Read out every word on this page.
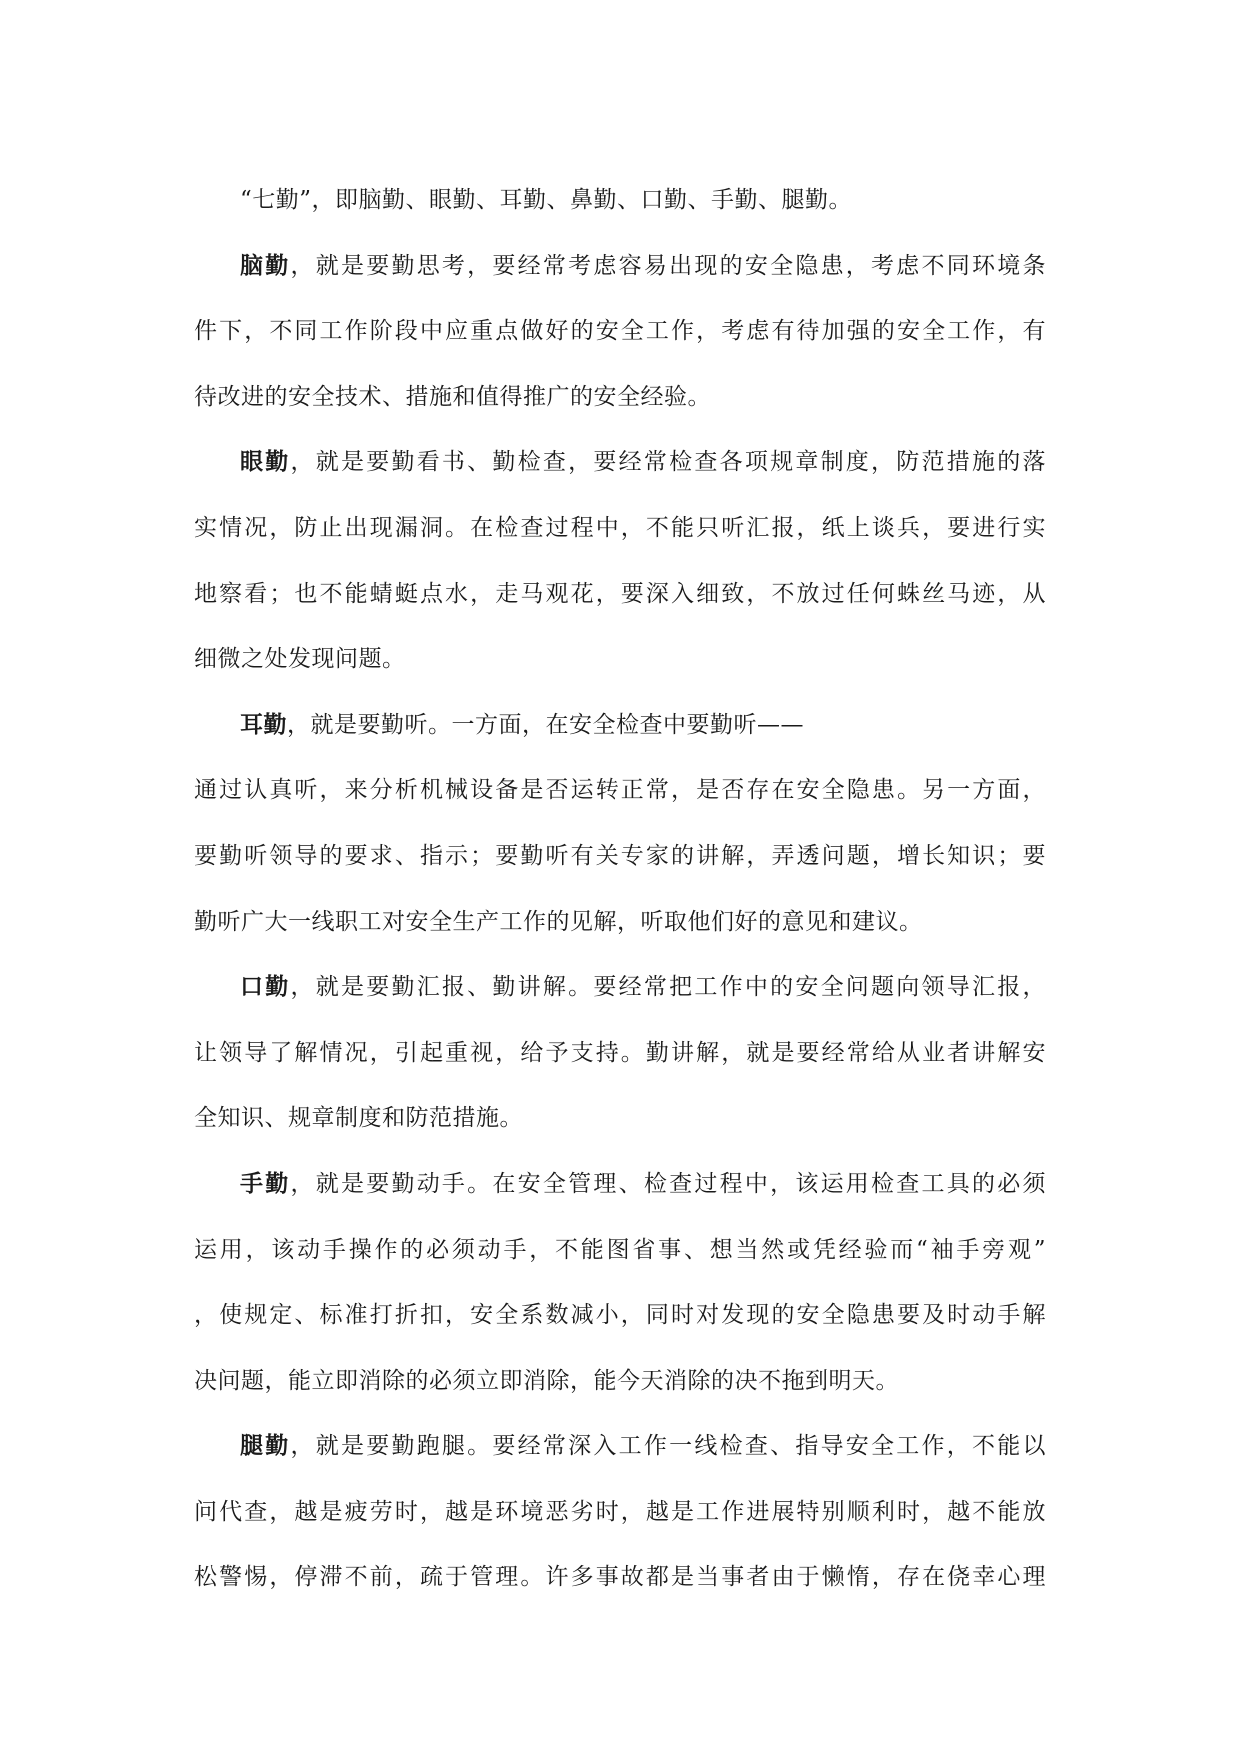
“七勤”，即脑勤、眼勤、耳勤、鼻勤、口勤、手勤、腿勤。
脑勤，就是要勤思考，要经常考虑容易出现的安全隐患，考虑不同环境条
件下，不同工作阶段中应重点做好的安全工作，考虑有待加强的安全工作，有
待改进的安全技术、措施和值得推广的安全经验。
眼勤，就是要勤看书、勤检查，要经常检查各项规章制度，防范措施的落
实情况，防止出现漏洞。在检查过程中，不能只听汇报，纸上谈兵，要进行实
地察看；也不能蜻蜓点水，走马观花，要深入细致，不放过任何蛛丝马迹，从
细微之处发现问题。
耳勤，就是要勤听。一方面，在安全检查中要勤听——
通过认真听，来分析机械设备是否运转正常，是否存在安全隐患。另一方面，
要勤听领导的要求、指示；要勤听有关专家的讲解，弄透问题，增长知识；要
勤听广大一线职工对安全生产工作的见解，听取他们好的意见和建议。
口勤，就是要勤汇报、勤讲解。要经常把工作中的安全问题向领导汇报，
让领导了解情况，引起重视，给予支持。勤讲解，就是要经常给从业者讲解安
全知识、规章制度和防范措施。
手勤，就是要勤动手。在安全管理、检查过程中，该运用检查工具的必须
运用，该动手操作的必须动手，不能图省事、想当然或凭经验而“袖手旁观”
，使规定、标准打折扣，安全系数减小，同时对发现的安全隐患要及时动手解
决问题，能立即消除的必须立即消除，能今天消除的决不拖到明天。
腿勤，就是要勤跑腿。要经常深入工作一线检查、指导安全工作，不能以
问代查，越是疲劳时，越是环境恶劣时，越是工作进展特别顺利时，越不能放
松警惕，停滞不前，疏于管理。许多事故都是当事者由于懒惰，存在侥幸心理
